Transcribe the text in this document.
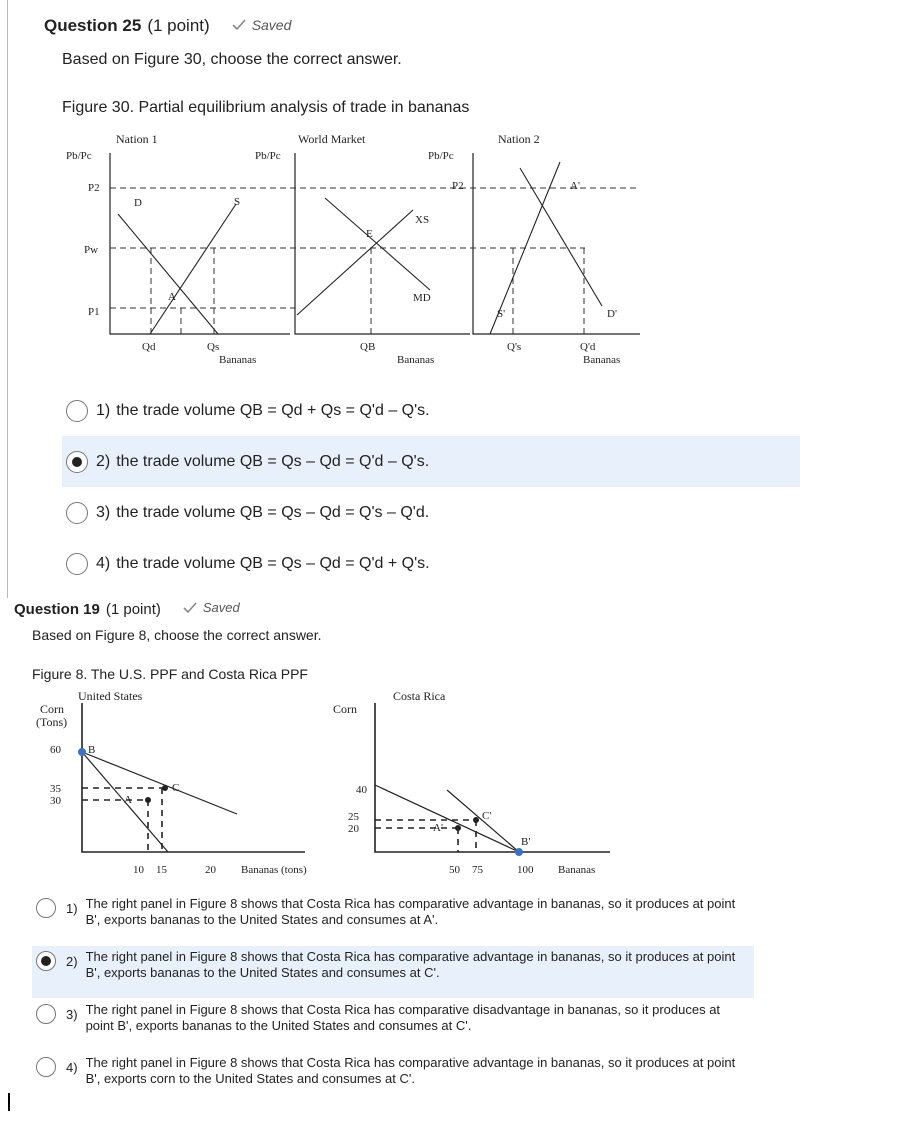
Question 25 (1 point)	Saved
Based on Figure 30, choose the correct answer.
Figure 30. Partial equilibrium analysis of trade in bananas
Nation 1	World Market	Nation 2
Pb/Pc	Pb/Pc	Pb/Pc
P2
Pw
P1
D	S
A
E
XS
MD
P2	A'
S'	D'
Qd	Qs	QB	Q's	Q'd
Bananas	Bananas	Bananas
1) the trade volume QB = Qd + Qs = Q'd – Q's.
2) the trade volume QB = Qs – Qd = Q'd – Q's.
3) the trade volume QB = Qs – Qd = Q's – Q'd.
4) the trade volume QB = Qs – Qd = Q'd + Q's.
Question 19 (1 point)	Saved
Based on Figure 8, choose the correct answer.
Figure 8. The U.S. PPF and Costa Rica PPF
United States	Costa Rica
Corn
(Tons)
Corn
60
35
30
B
C
A
10 15	20 Bananas (tons)
40
25
20	A'
C'
B'
50 75	100 Bananas
1) The right panel in Figure 8 shows that Costa Rica has comparative advantage in bananas, so it produces at point B', exports bananas to the United States and consumes at A'.
2) The right panel in Figure 8 shows that Costa Rica has comparative advantage in bananas, so it produces at point B', exports bananas to the United States and consumes at C'.
3) The right panel in Figure 8 shows that Costa Rica has comparative disadvantage in bananas, so it produces at point B', exports bananas to the United States and consumes at C'.
4) The right panel in Figure 8 shows that Costa Rica has comparative advantage in bananas, so it produces at point B', exports corn to the United States and consumes at C'.
